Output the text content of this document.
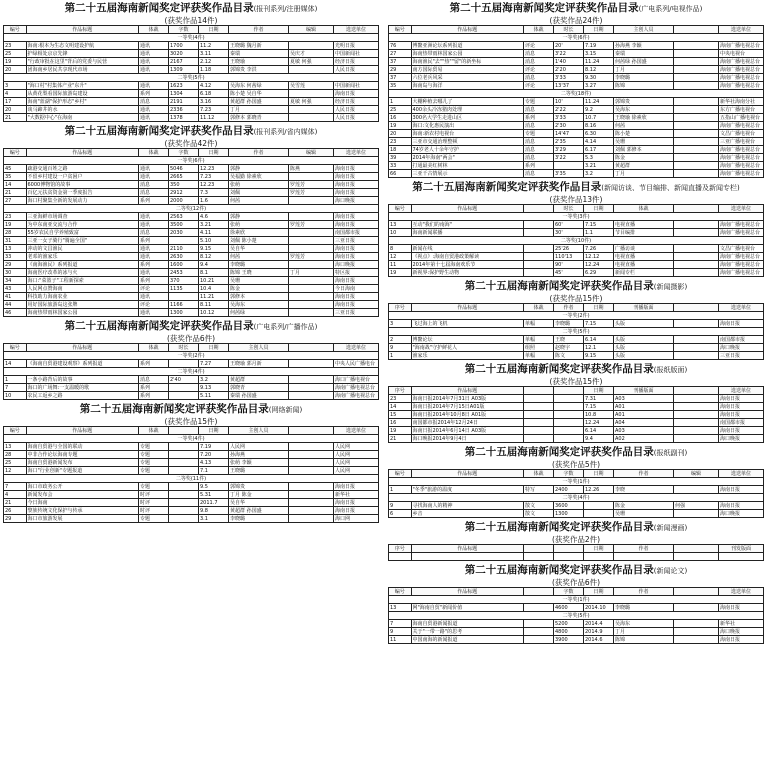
第二十五届海南新闻奖定评获奖作品目录(报刊系列/注册媒体)
(获奖作品14件)
编号	作品标题	体裁	字数	日期	作者	编辑	选送单位
一等奖(4件)							
23	海南:根本为生态文明建设护航	通讯	1700	11.2	王晓璐 魏月新		光明日报
25	护绿相处京京先锋	通讯	3020	3.11	秦瑞	吴庆才	中国新闻社
19	"行政审批在这里"背后的党委与民营	通讯	2167	2.12	王晓瑜	夏敏 何强	经济日报
20	团海南乡居民共享现代市场	通讯	1309	1.18	郭锦贵 李洪		人民日报
二等奖(5件)							
3	"海口村"村集体产业"东升"	通讯	1623	4.12	吴海东 何茜绿	吴雪莲	中国新闻社
4	从黄花梨看国际旅游岛建设	系列	1304	6.18	陈小楚 吴自华		海南日报
17	海南"蓝湖"保护形态"乡村"	消息	2191	3.16	黄超群 孙国盛	夏敏 何强	经济日报
20	谈马蹄井的水	通讯	2336	7.23	丁月		人民日报
21	"大数据中心"在海南	通讯	1378	11.12	郭修本 郭晓青		人民日报
第二十五届海南新闻奖定评获奖作品目录(报刊系列/省内媒体)
(获奖作品42件)
编号	作品标题	体裁	字数	日期	作者	编辑	选送单位
一等奖(6件)							
45	疏港交通百姓之路	通讯	5046	12.23	郭静	陈燕	海南日报
35	不留乡村建设一户贫困户	通讯	2665	7.23	吴福勤 徐素欣		海南日报
14	6000博物馆的故事	消息	350	12.23	张萌	罗莲芳	海南日报
21	百亿元扶贫资金第一季度报告	消息	2912	7.3	刘佩	罗莲芳	海南日报
27	海口村聚集全新的发展动力	系列	2000	1.6	何茜		海口晚报
二等奖(12件)							
23	三亚海鲜市场调查	通讯	2563	4.6	郭静		海南日报
19	为中东南亚交流与合作	通讯	3500	3.21	张萌	罗莲芳	海南日报
28	55岁农民自学养殖致富	消息	2030	4.11	徐素欣		南国都市报
31	三亚一女子骑行"骑遍全国"	系列		5.10	刘佩 陈小楚		三亚日报
13	冲动的文昌渔民	通讯	2110	9.15	吴自华		海南日报
33	老邓的渔家乐	通讯	2630	8.12	何茜	罗莲芳	海南日报
29	《南海渔民》系列报道	系列	1600	9.4	李晓璐		海口晚报
30	海南医疗改革的冰与火	通讯	2453	8.1	陈锦 王晓	丁月	特区报
34	海口:"菜篮子"工程新探索	系列	370	10.21	吴珊		海南日报
43	人民网点赞海南	评论	1135	10.4	陈金		今日海南
41	科技助力海南农业	通讯		11.21	郭修本		海南日报
44	用好国际旅游岛这张牌	评论	1166	8.11	吴海东		海南日报
46	海南热带雨林国家公园	通讯	1300	10.12	何茜绿		三亚日报
第二十五届海南新闻奖定评获奖作品目录(广电系列/广播作品)
(获奖作品6件)
编号	作品标题	体裁	时长	日期	主创人员		选送单位
一等奖(2件)							
14	《海南自贸港建设观察》系列报道	系列		7.27	王晓瑜 郭月新		中央人民广播电台
二等奖(4件)							
1	一条小路背后的故事	消息	2'40	3.2	黄超群		海口广播电视台
7	海口的广场舞:一支温暖的歌	系列		9.13	郭晓青		海南广播电视总台
10	农民工返乡之路	系列		5.11	秦瑞 孙国盛		海南广播电视总台
第二十五届海南新闻奖定评获奖作品目录(网络新闻)
(获奖作品15件)
编号	作品标题	体裁		日期	主创人员		选送单位
一等奖(4件)							
13	海南自贸港与全国的联动	专题		7.19	人民网		人民网
28	中非合作论坛海南专题	专题		7.20	孙海燕		人民网
25	海南自贸港新闻发布	专题		4.13	张萌 李颖		人民网
12	海口"行业创新"专题报道	专题		7.1	王晓璐		人民网
二等奖(11件)							
7	海口市政务公开	专题		9.5	郭锦贵		海南日报
4	新闻发布会	时评		5.31	丁月 陈金		新华社
21	今日海南	时评		2011.7	吴自华		海南日报
26	黎族传统文化保护与传承	时评		9.8	黄超群 孙国盛		海南日报
29	海口市旅游发展	专题		3.1	李晓璐		海口网
第二十五届海南新闻奖定评获奖作品目录(广电系列/电视作品)
(获奖作品24件)
编号	作品标题	体裁	时长	日期	主创人员		选送单位
一等奖(6件)							
76	博鳌亚洲论坛系列报道	评论	20'	7.19	孙海燕 李颖		海南广播电视总台
27	海南热带雨林国家公园	消息	3'22	3.15	秦瑞		中央电视台
37	海南渔民"去""热""留"的新坐标	消息	1'40	11.24	何茜绿 孙国盛		海南广播电视总台
29	南方国际贸易	评论	2'20	8.12	丁月		海南广播电视总台
37	六位老兵风采	消息	3'33	9.30	李晓璐		海南广播电视总台
35	海南岛与海洋	评论	13'37	3.27	陈锦		海南广播电视总台
二等奖(18件)							
1	大棚种植去哪儿了	专题	10'	11.24	郭锦贵		新华社海南分社
25	400余头冷冻猪肉处理	消息	2'22	9.2	吴海东		东方广播电视台
16	300名大学生走进山区	系列	3'33	10.7	王晓瑜 徐素欣		五指山广播电视台
19	海口:文化惠民演出	消息	2'30	8.16	何茜		海南广播电视总台
20	海南:新农村电视台	专题	14'47	6.30	陈小楚		文昌广播电视台
23	三亚市交通治理整顿	消息	2'35	4.14	吴珊		三亚广播电视台
18	74岁老人十余年守护	消息	3'29	6.17	刘佩 郭修本		海南广播电视总台
39	2014年海南"两会"	消息	3'22	5.3	陈金		海南广播电视总台
33	打通最美红树林	系列		3.21	黄超群		海南广播电视总台
66	三亚千古情展示	消息	3'35	3.2	丁月		海南广播电视总台
第二十五届海南新闻奖定评获奖作品目录(新闻访谈、节目编排、新闻直播及新闻专栏)
(获奖作品13件)
编号	作品标题		时长	日期	体裁		选送单位
一等奖(3件)							
13	互动"我们的南海"		60'	7.15	电视直播		海南广播电视总台
10	海南新闻联播		30'	1.1	节目编排		海南广播电视总台
二等奖(10件)							
8	新闻在线		25'26	7.26	广播访谈		文昌广播电视台
12	《视点》:海南自贸港政策解读		110'13	12.12	电视直播		海南广播电视总台
11	2014年第十七届海南欢乐节		90'	12.24	电视直播		海南广播电视总台
19	新视界:保护野生动物		45'	6.29	新闻专栏		海南广播电视总台
第二十五届海南新闻奖定评获奖作品目录(新闻摄影)
(获奖作品15件)
序号	作品标题	体裁	作者	日期	刊播版面		选送单位
一等奖(2件)							
3	飞过海上的飞机	单幅	李晓璐	7.15	头版		海南日报
二等奖(5件)							
2	博鳌论坛	单幅	王晓	6.14	头版		南国都市报
9	"海南战"守护鲜花人	组照	赵晓宇	12.1	头版		海口晚报
1	渔家乐	单幅	陈文	9.15	头版		三亚日报
第二十五届海南新闻奖定评获奖作品目录(报纸版面)
(获奖作品15件)
序号	作品标题			日期	刊播版面		选送单位
23	海南日报2014年7月31日 A03版			7.31	A03		海南日报
14	海南日报2014年7月15日A01版			7.15	A01		海南日报
15	海南日报2014年10月8日 A01版			10.8	A01		海南日报
16	南国都市报2014年12月24日			12.24	A04		南国都市报
19	海南日报2014年6月14日 A03版			6.14	A03		海南日报
21	海口晚报2014年9月4日			9.4	A02		海口晚报
第二十五届海南新闻奖定评获奖作品目录(报纸副刊)
(获奖作品5件)
编号	作品标题	体裁	字数	日期	作者	编辑	选送单位
一等奖(1件)							
1	"冬季"旅游的温度	特写	2400	12.26	李晓		海南日报
二等奖(4件)							
9	寻找海南人的精神	散文	3600		陈金	何强	海南日报
6	乡音	散文	1300		吴珊		海口晚报
第二十五届海南新闻奖定评获奖作品目录(新闻漫画)
(获奖作品2件)
序号	作品标题			日期	作者		刊发版面

第二十五届海南新闻奖定评获奖作品目录(新闻论文)
(获奖作品6件)
编号	作品标题		字数	日期	作者		选送单位
一等奖(1件)							
13	网"海南自贸"新闻价值		4600	2014.10	李晓璐		海南日报
二等奖(5件)							
7	海南自贸港新闻报道		5200	2014.4	吴海东		新华社
9	关于"一带一路"的思考		4800	2014.9	丁月		海口晚报
11	中国南海的新闻报道		3900	2014.6	陈锦		海南日报
